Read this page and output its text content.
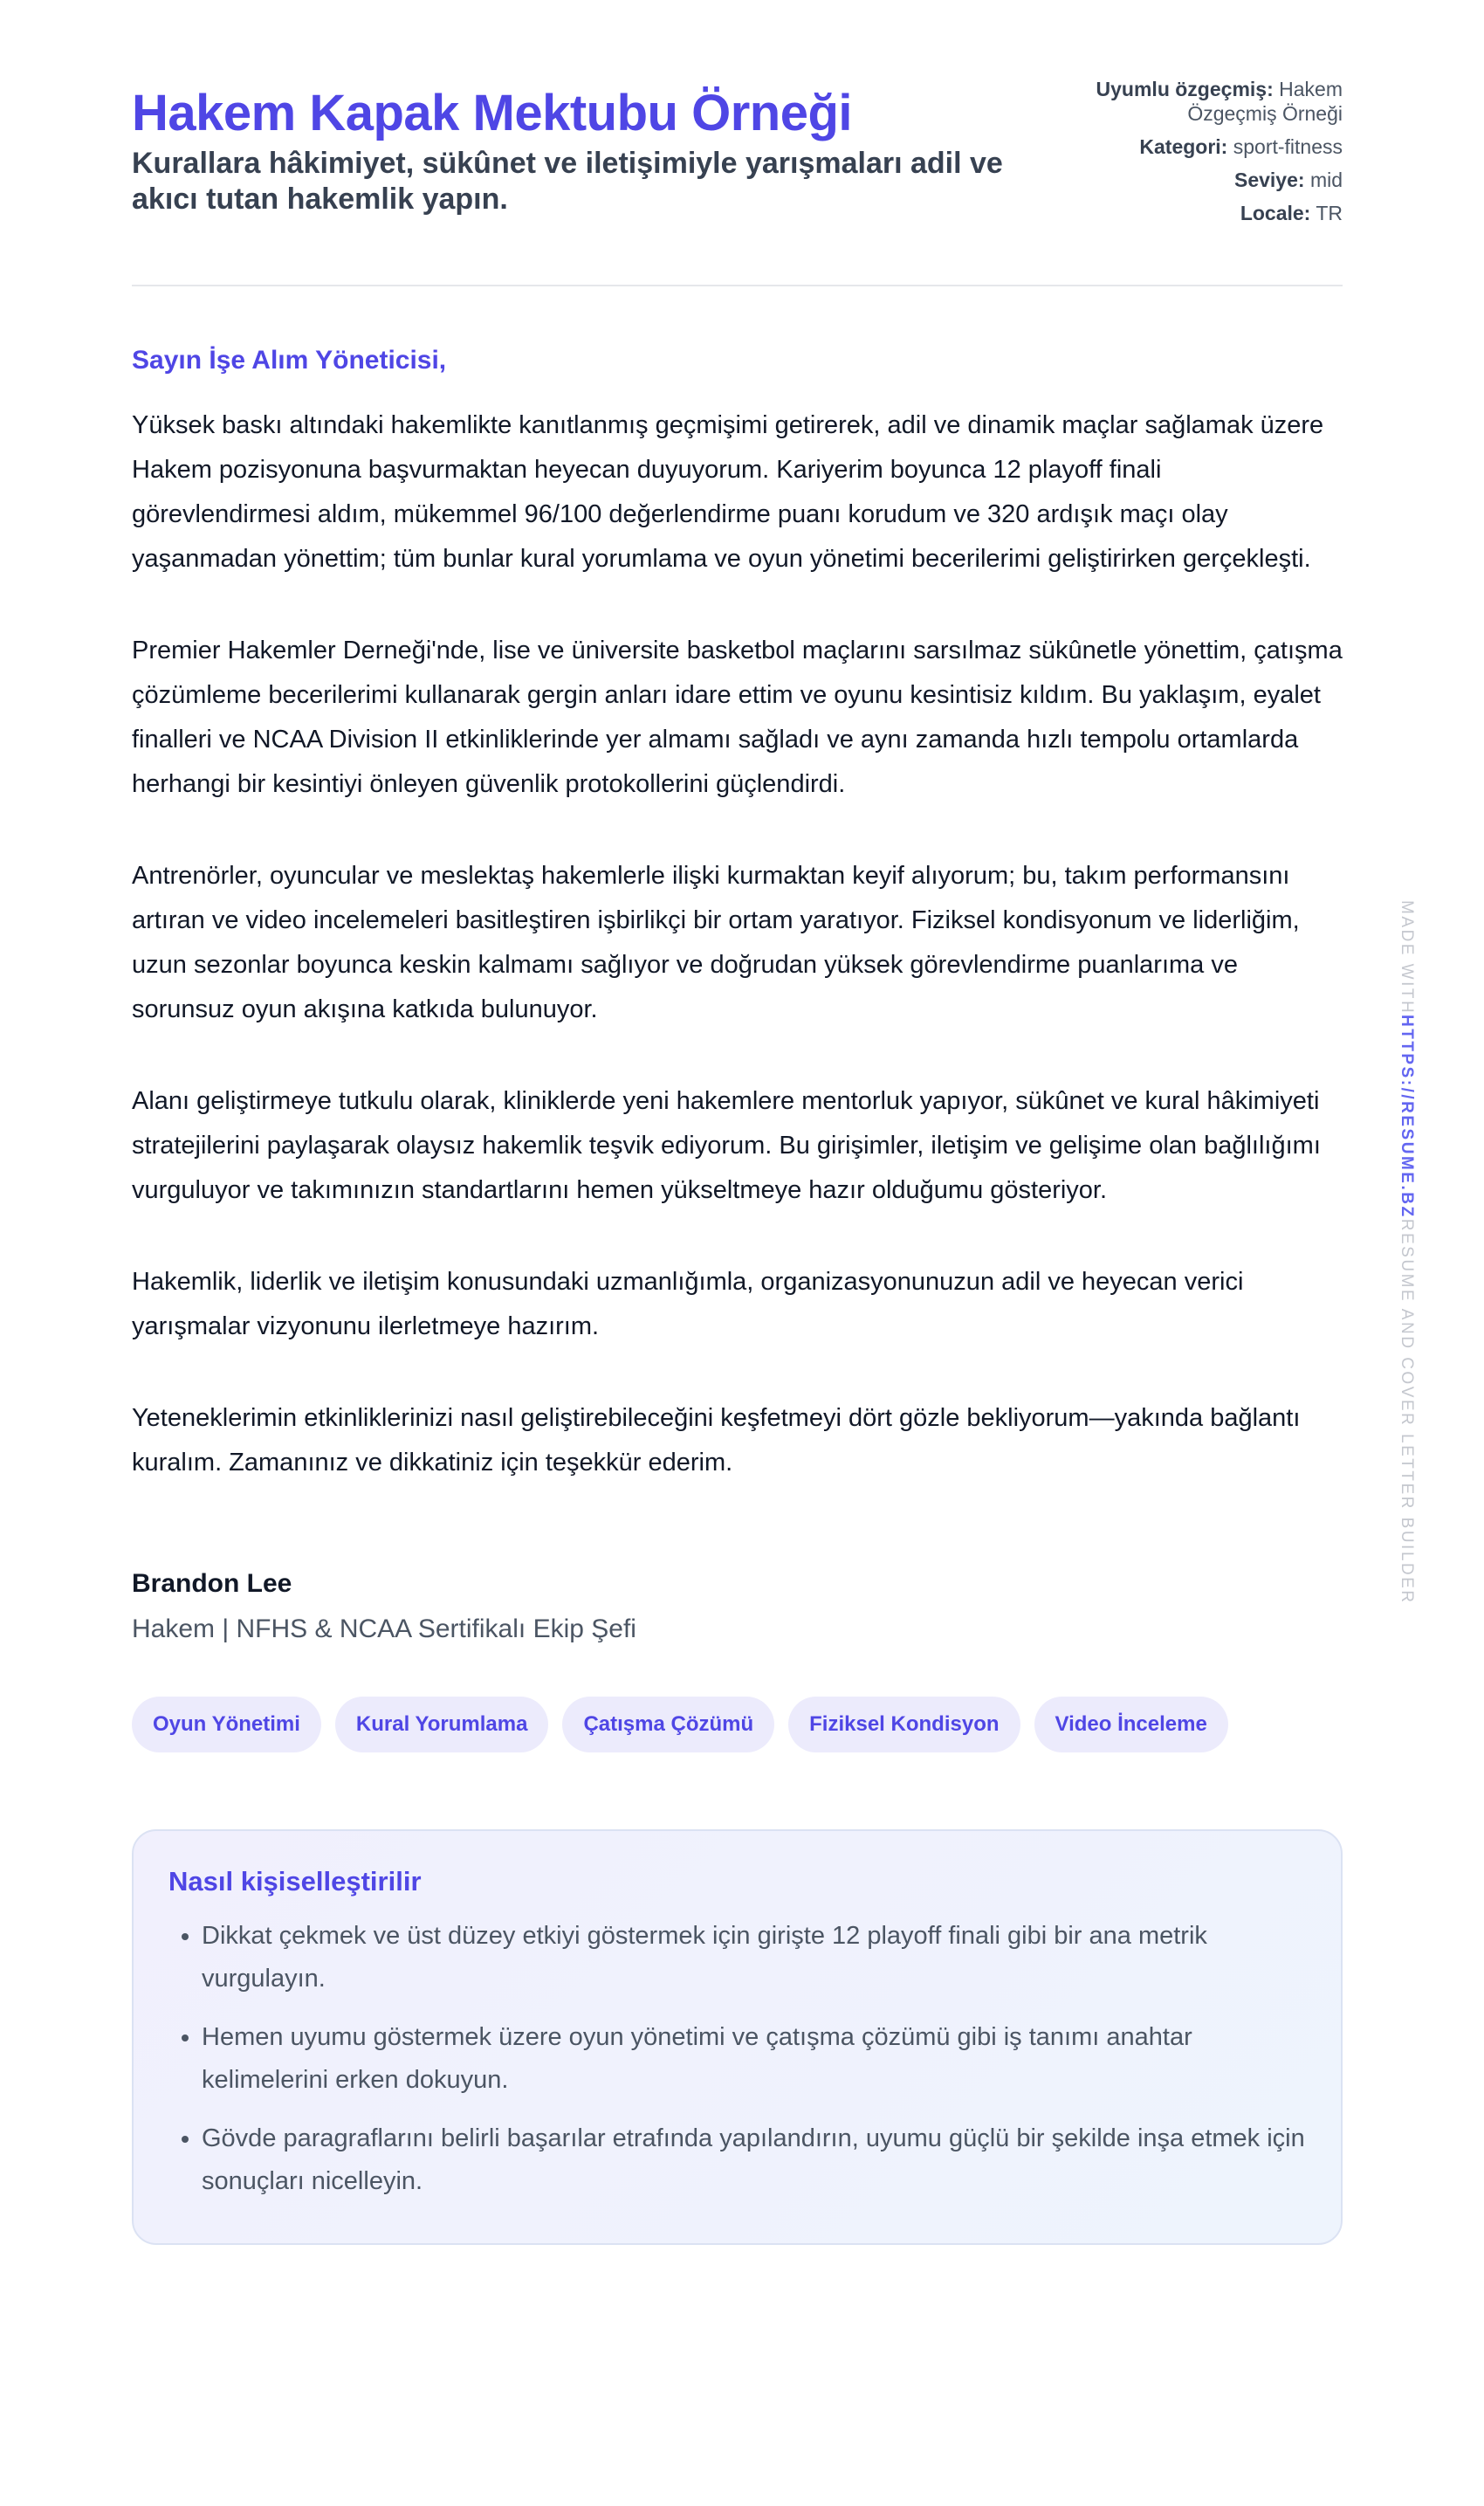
Hakem Kapak Mektubu Örneği
Kurallara hâkimiyet, sükûnet ve iletişimiyle yarışmaları adil ve akıcı tutan hakemlik yapın.
Uyumlu özgeçmiş: Hakem Özgeçmiş Örneği
Kategori: sport-fitness
Seviye: mid
Locale: TR
Sayın İşe Alım Yöneticisi,
Yüksek baskı altındaki hakemlikte kanıtlanmış geçmişimi getirerek, adil ve dinamik maçlar sağlamak üzere Hakem pozisyonuna başvurmaktan heyecan duyuyorum. Kariyerim boyunca 12 playoff finali görevlendirmesi aldım, mükemmel 96/100 değerlendirme puanı korudum ve 320 ardışık maçı olay yaşanmadan yönettim; tüm bunlar kural yorumlama ve oyun yönetimi becerilerimi geliştirirken gerçekleşti.
Premier Hakemler Derneği'nde, lise ve üniversite basketbol maçlarını sarsılmaz sükûnetle yönettim, çatışma çözümleme becerilerimi kullanarak gergin anları idare ettim ve oyunu kesintisiz kıldım. Bu yaklaşım, eyalet finalleri ve NCAA Division II etkinliklerinde yer almamı sağladı ve aynı zamanda hızlı tempolu ortamlarda herhangi bir kesintiyi önleyen güvenlik protokollerini güçlendirdi.
Antrenörler, oyuncular ve meslektaş hakemlerle ilişki kurmaktan keyif alıyorum; bu, takım performansını artıran ve video incelemeleri basitleştiren işbirlikçi bir ortam yaratıyor. Fiziksel kondisyonum ve liderliğim, uzun sezonlar boyunca keskin kalmamı sağlıyor ve doğrudan yüksek görevlendirme puanlarıma ve sorunsuz oyun akışına katkıda bulunuyor.
Alanı geliştirmeye tutkulu olarak, kliniklerde yeni hakemlere mentorluk yapıyor, sükûnet ve kural hâkimiyeti stratejilerini paylaşarak olaysız hakemlik teşvik ediyorum. Bu girişimler, iletişim ve gelişime olan bağlılığımı vurguluyor ve takımınızın standartlarını hemen yükseltmeye hazır olduğumu gösteriyor.
Hakemlik, liderlik ve iletişim konusundaki uzmanlığımla, organizasyonunuzun adil ve heyecan verici yarışmalar vizyonunu ilerletmeye hazırım.
Yeteneklerimin etkinliklerinizi nasıl geliştirebileceğini keşfetmeyi dört gözle bekliyorum—yakında bağlantı kuralım. Zamanınız ve dikkatiniz için teşekkür ederim.
Brandon Lee
Hakem | NFHS & NCAA Sertifikalı Ekip Şefi
Oyun Yönetimi	Kural Yorumlama	Çatışma Çözümü	Fiziksel Kondisyon	Video İnceleme
Nasıl kişiselleştirilir
• Dikkat çekmek ve üst düzey etkiyi göstermek için girişte 12 playoff finali gibi bir ana metrik vurgulayın.
• Hemen uyumu göstermek üzere oyun yönetimi ve çatışma çözümü gibi iş tanımı anahtar kelimelerini erken dokuyun.
• Gövde paragraflarını belirli başarılar etrafında yapılandırın, uyumu güçlü bir şekilde inşa etmek için sonuçları nicelleyin.
MADE WITHHTTPS://RESUME.BZRESUME AND COVER LETTER BUILDER
